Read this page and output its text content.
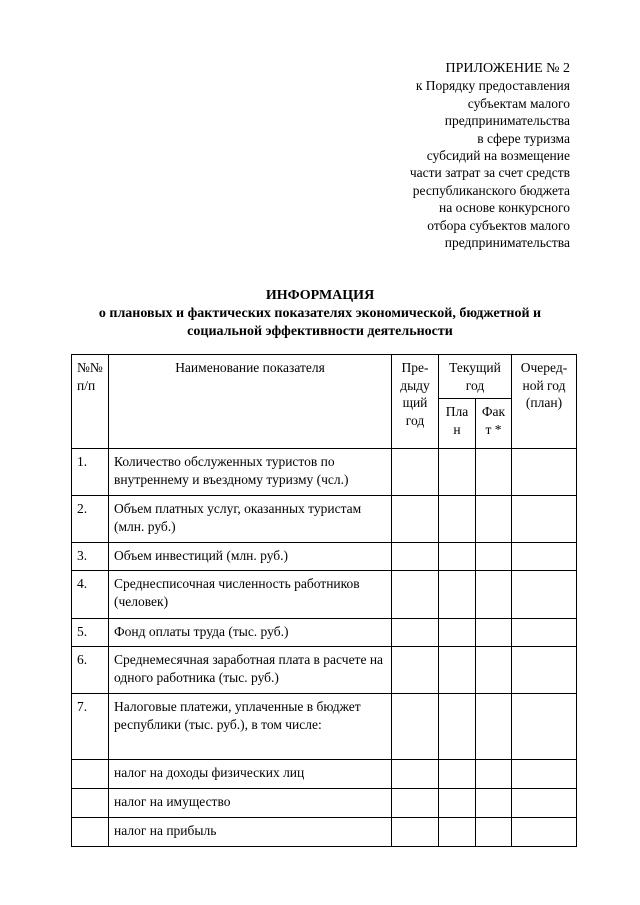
ПРИЛОЖЕНИЕ № 2
к Порядку предоставления
субъектам малого
предпринимательства
в сфере туризма
субсидий на возмещение
части затрат за счет средств
республиканского бюджета
на основе конкурсного
отбора субъектов малого
предпринимательства
ИНФОРМАЦИЯ
о плановых и фактических показателях экономической, бюджетной и
социальной эффективности деятельности
№№ п/п	Наименование показателя	Пре- дыду щий год	Текущий год		Очеред- ной год (план)
			Пла н	Фак т *	
1.	Количество обслуженных туристов по внутреннему и въездному туризму (чсл.)				
2.	Объем платных услуг, оказанных туристам (млн. руб.)				
3.	Объем инвестиций (млн. руб.)				
4.	Среднесписочная численность работников (человек)				
5.	Фонд оплаты труда (тыс. руб.)				
6.	Среднемесячная заработная плата в расчете на одного работника (тыс. руб.)				
7.	Налоговые платежи, уплаченные в бюджет республики (тыс. руб.), в том числе:				
	налог на доходы физических лиц				
	налог на имущество				
	налог на прибыль				
